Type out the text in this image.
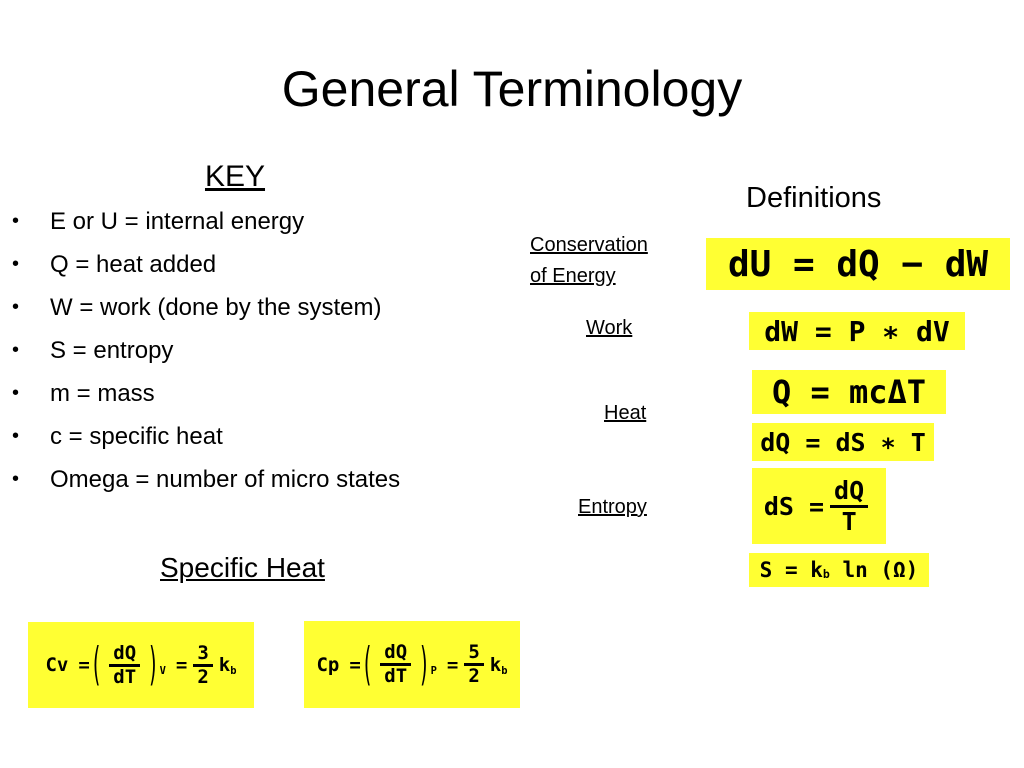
General Terminology
KEY
• E or U = internal energy
• Q = heat added
• W = work (done by the system)
• S = entropy
• m = mass
• c = specific heat
• Omega = number of micro states
Specific Heat
Cv = ( $\frac{dQ}{dT}$ ) $V = \frac{3}{2}$ k b	Cp = ( $\frac{dQ}{dT}$ ) $P = \frac{5}{2}$ k b
Definitions
Conservation
of Energy
Work
Heat
Entropy
dU = dQ − dW
dW = P ∗ dV
Q = mcΔT
dQ = dS ∗ T
dS = $\frac{dQ}{T}$
S = k b ln (Ω)
